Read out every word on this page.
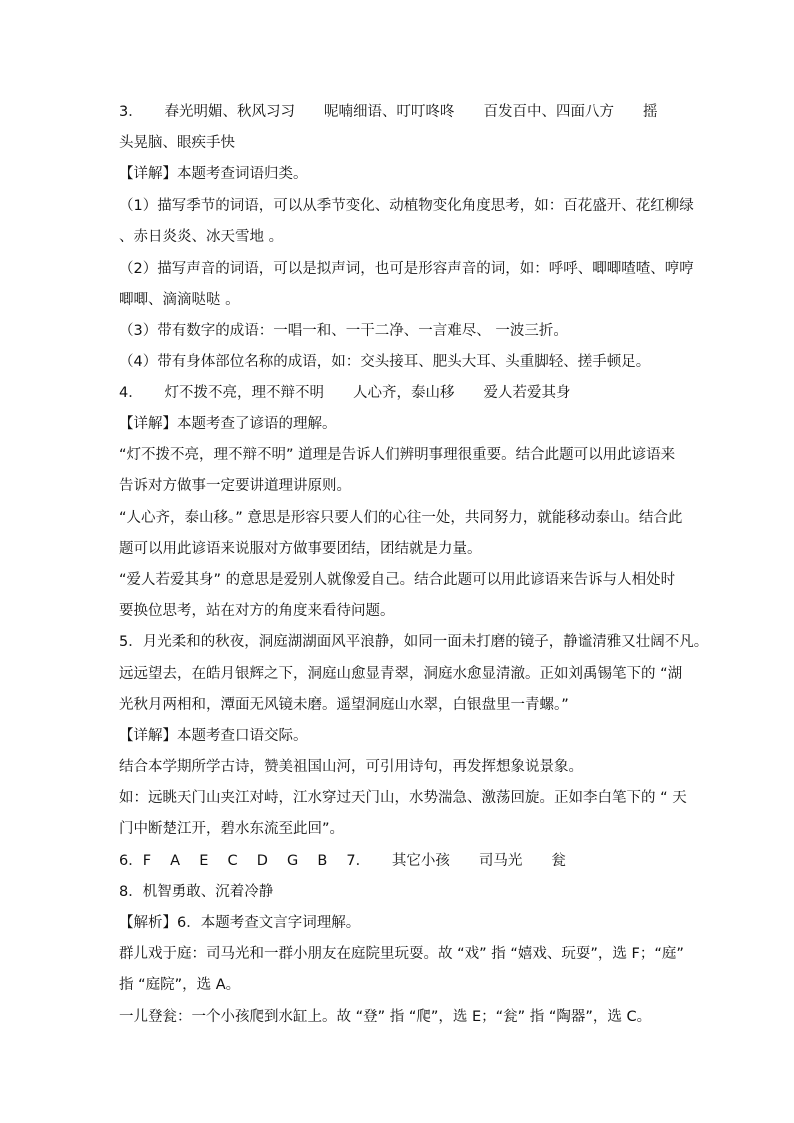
3．　　春光明媚、秋风习习　　呢喃细语、叮叮咚咚　　百发百中、四面八方　　摇
头晃脑、眼疾手快
【详解】本题考查词语归类。
（1）描写季节的词语，可以从季节变化、动植物变化角度思考，如：百花盛开、花红柳绿
、赤日炎炎、冰天雪地 。
（2）描写声音的词语，可以是拟声词，也可是形容声音的词，如：呼呼、唧唧喳喳、哼哼
唧唧、滴滴哒哒 。
（3）带有数字的成语：一唱一和、一干二净、一言难尽、 一波三折。
（4）带有身体部位名称的成语，如：交头接耳、肥头大耳、头重脚轻、搓手顿足。
4．　　灯不拨不亮，理不辩不明　　人心齐，泰山移　　爱人若爱其身
【详解】本题考查了谚语的理解。
“灯不拨不亮，理不辩不明” 道理是告诉人们辨明事理很重要。结合此题可以用此谚语来
告诉对方做事一定要讲道理讲原则。
“人心齐，泰山移。” 意思是形容只要人们的心往一处，共同努力，就能移动泰山。结合此
题可以用此谚语来说服对方做事要团结，团结就是力量。
“爱人若爱其身” 的意思是爱别人就像爱自己。结合此题可以用此谚语来告诉与人相处时
要换位思考，站在对方的角度来看待问题。
5．月光柔和的秋夜，洞庭湖湖面风平浪静，如同一面未打磨的镜子，静谧清雅又壮阔不凡。
远远望去，在皓月银辉之下，洞庭山愈显青翠，洞庭水愈显清澈。正如刘禹锡笔下的 “湖
光秋月两相和，潭面无风镜未磨。遥望洞庭山水翠，白银盘里一青螺。”
【详解】本题考查口语交际。
结合本学期所学古诗，赞美祖国山河，可引用诗句，再发挥想象说景象。
如：远眺天门山夹江对峙，江水穿过天门山，水势湍急、激荡回旋。正如李白笔下的 “ 天
门中断楚江开，碧水东流至此回”。
6．F　 A　 E　 C　 D　 G　 B　 7．　　其它小孩　　司马光　　瓮
8．机智勇敢、沉着冷静
【解析】6．本题考查文言字词理解。
群儿戏于庭：司马光和一群小朋友在庭院里玩耍。故 “戏” 指 “嬉戏、玩耍”，选 F；“庭”
指 “庭院”，选 A。
一儿登瓮：一个小孩爬到水缸上。故 “登” 指 “爬”，选 E；“瓮” 指 “陶器”，选 C。
